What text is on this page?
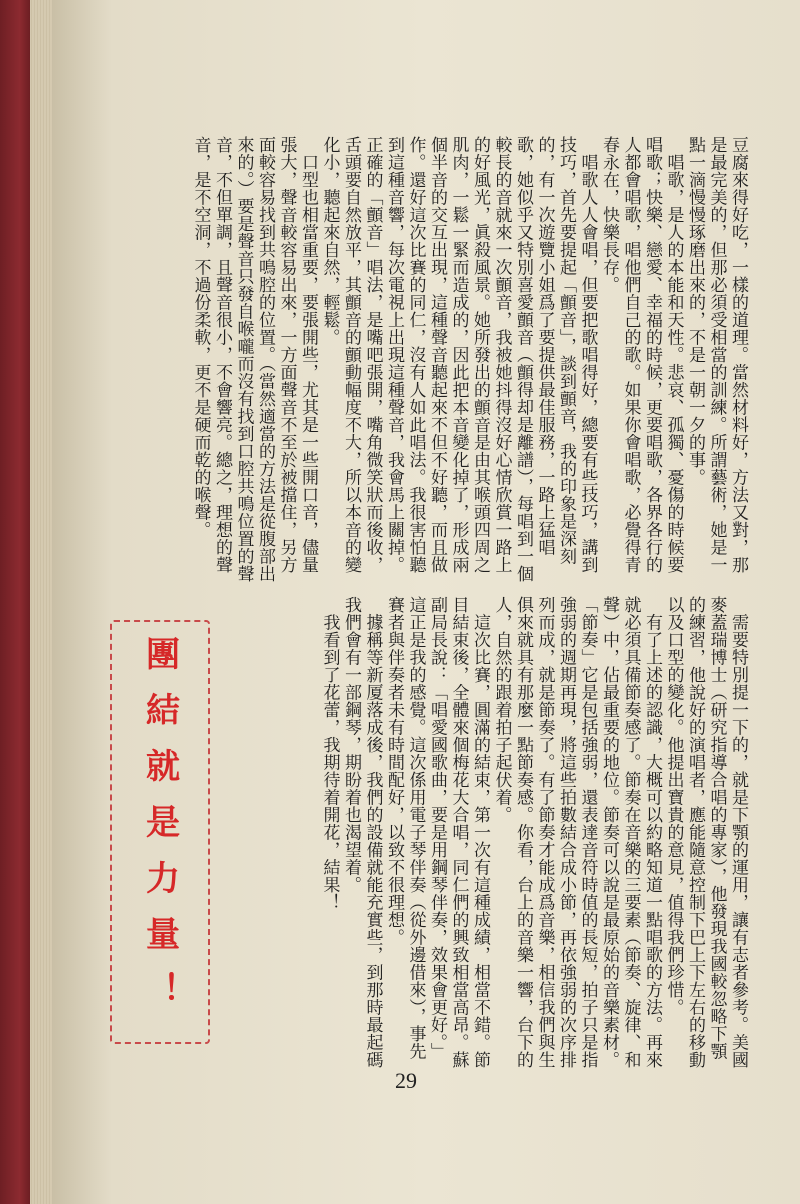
豆腐來得好吃，一樣的道理。當然材料好，方法又對，那是最完美的，但那必須受相當的訓練。所謂藝術，她是一點一滴慢慢琢磨出來的，不是一朝一夕的事。
　唱歌，是人的本能和天性。悲哀、孤獨、憂傷的時候要唱歌；快樂、戀愛、幸福的時候，更要唱歌，各界各行的人都會唱歌，唱他們自己的歌。如果你會唱歌，必覺得青春永在，快樂長存。
　唱歌人人會唱，但要把歌唱得好，總要有些技巧，講到技巧，首先要提起「顫音」，談到顫音，我的印象是深刻的，有一次遊覽小姐爲了要提供最佳服務，一路上猛唱歌，她似乎又特別喜愛顫音（顫得却是離譜），每唱到一個較長的音就來一次顫音，我被她抖得沒好心情欣賞一路上的好風光，眞殺風景。她所發出的顫音是由其喉頭四周之肌肉，一鬆一緊而造成的，因此把本音變化掉了，形成兩個半音的交互出現，這種聲音聽起來不但不好聽，而且做作。還好這次比賽的同仁，沒有人如此唱法。我很害怕聽到這種音響，每次電視上出現這種聲音，我會馬上關掉。正確的「顫音」唱法，是嘴吧張開，嘴角微笑狀而後收，舌頭要自然放平，其顫音的顫動幅度不大，所以本音的變化小，聽起來自然，輕鬆。
　口型也相當重要，要張開些，尤其是一些開口音，儘量張大，聲音較容易出來，一方面聲音不至於被擋住，另方面較容易找到共鳴腔的位置。（當然適當的方法是從腹部出來的。）要是聲音只發自喉嚨而沒有找到口腔共鳴位置的聲音，不但單調，且聲音很小，不會響亮。總之，理想的聲音，是不空洞，不過份柔軟，更不是硬而乾的喉聲。
　需要特別提一下的，就是下顎的運用，讓有志者參考。美國麥蓋瑞博士（研究指導合唱的專家），他發現我國較忽略下顎的練習，他說好的演唱者，應能隨意控制下巴上下左右的移動以及口型的變化。他提出寶貴的意見，值得我們珍惜。
　有了上述的認識，大概可以約略知道一點唱歌的方法。再來就必須具備節奏感了。節奏在音樂的三要素（節奏、旋律、和聲）中，佔最重要的地位。節奏可以說是最原始的音樂素材。「節奏」它是包括強弱，還表達音符時值的長短，拍子只是指強弱的週期再現，將這些拍數結合成小節，再依強弱的次序排列而成，就是節奏了。有了節奏才能成爲音樂，相信我們與生俱來就具有那麼一點節奏感。你看，台上的音樂一響，台下的人，自然的跟着拍子起伏着。
　這次比賽，圓滿的結束，第一次有這種成績，相當不錯。節目結束後，全體來個梅花大合唱，同仁們的興致相當高昂。蘇副局長說：「唱愛國歌曲，要是用鋼琴伴奏，效果會更好。」這正是我的感覺。這次係用電子琴伴奏（從外邊借來），事先賽者與伴奏者未有時間配好，以致不很理想。
　據稱等新厦落成後，我們的設備就能充實些，到那時最起碼我們會有一部鋼琴，期盼着也渴望着。
　我看到了花蕾，我期待着開花，結果！
團結就是力量！
29
